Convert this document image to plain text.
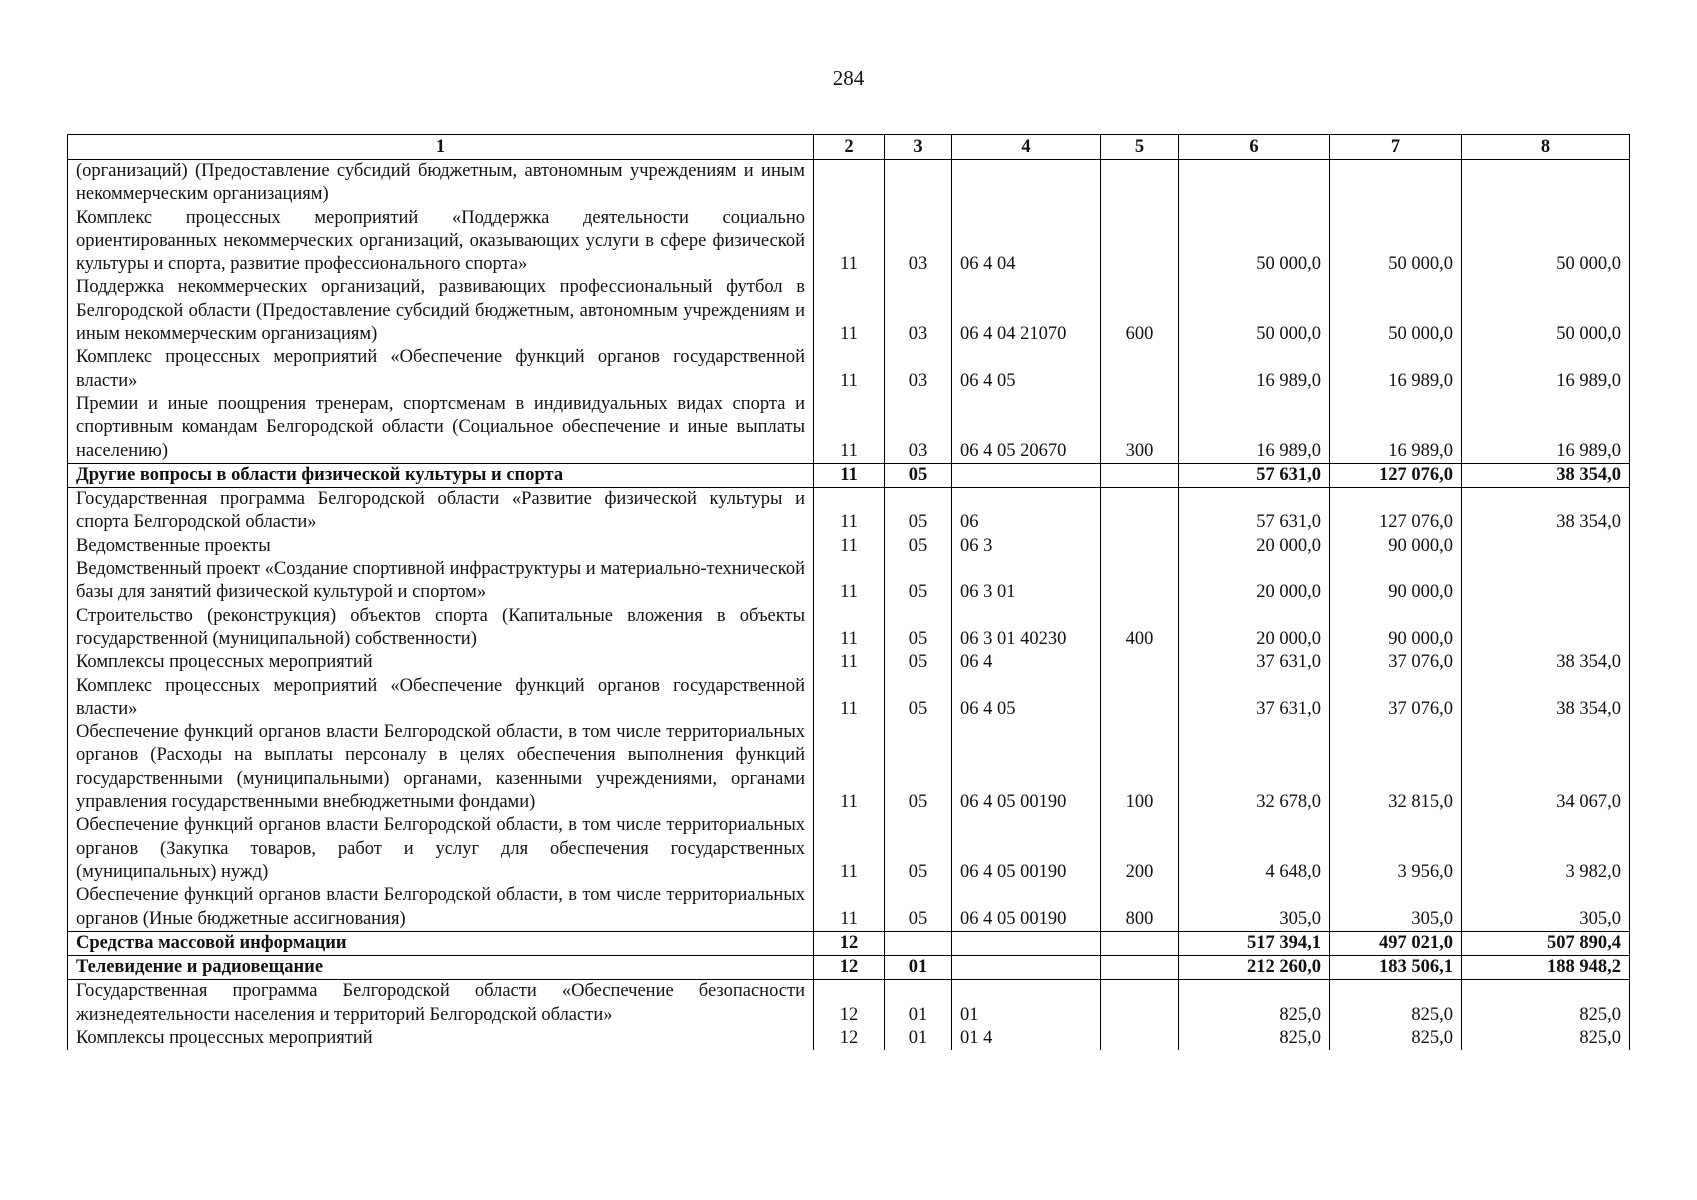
284
1	2	3	4	5	6	7	8
(организаций) (Предоставление субсидий бюджетным, автономным учреждениям и иным некоммерческим организациям)							
Комплекс процессных мероприятий «Поддержка деятельности социально ориентированных некоммерческих организаций, оказывающих услуги в сфере физической культуры и спорта, развитие профессионального спорта»	11	03	06 4 04		50 000,0	50 000,0	50 000,0
Поддержка некоммерческих организаций, развивающих профессиональный футбол в Белгородской области (Предоставление субсидий бюджетным, автономным учреждениям и иным некоммерческим организациям)	11	03	06 4 04 21070	600	50 000,0	50 000,0	50 000,0
Комплекс процессных мероприятий «Обеспечение функций органов государственной власти»	11	03	06 4 05		16 989,0	16 989,0	16 989,0
Премии и иные поощрения тренерам, спортсменам в индивидуальных видах спорта и спортивным командам Белгородской области (Социальное обеспечение и иные выплаты населению)	11	03	06 4 05 20670	300	16 989,0	16 989,0	16 989,0
Другие вопросы в области физической культуры и спорта	11	05			57 631,0	127 076,0	38 354,0
Государственная программа Белгородской области «Развитие физической культуры и спорта Белгородской области»	11	05	06		57 631,0	127 076,0	38 354,0
Ведомственные проекты	11	05	06 3		20 000,0	90 000,0	
Ведомственный проект «Создание спортивной инфраструктуры и материально-технической базы для занятий физической культурой и спортом»	11	05	06 3 01		20 000,0	90 000,0	
Строительство (реконструкция) объектов спорта (Капитальные вложения в объекты государственной (муниципальной) собственности)	11	05	06 3 01 40230	400	20 000,0	90 000,0	
Комплексы процессных мероприятий	11	05	06 4		37 631,0	37 076,0	38 354,0
Комплекс процессных мероприятий «Обеспечение функций органов государственной власти»	11	05	06 4 05		37 631,0	37 076,0	38 354,0
Обеспечение функций органов власти Белгородской области, в том числе территориальных органов (Расходы на выплаты персоналу в целях обеспечения выполнения функций государственными (муниципальными) органами, казенными учреждениями, органами управления государственными внебюджетными фондами)	11	05	06 4 05 00190	100	32 678,0	32 815,0	34 067,0
Обеспечение функций органов власти Белгородской области, в том числе территориальных органов (Закупка товаров, работ и услуг для обеспечения государственных (муниципальных) нужд)	11	05	06 4 05 00190	200	4 648,0	3 956,0	3 982,0
Обеспечение функций органов власти Белгородской области, в том числе территориальных органов (Иные бюджетные ассигнования)	11	05	06 4 05 00190	800	305,0	305,0	305,0
Средства массовой информации	12				517 394,1	497 021,0	507 890,4
Телевидение и радиовещание	12	01			212 260,0	183 506,1	188 948,2
Государственная программа Белгородской области «Обеспечение безопасности жизнедеятельности населения и территорий Белгородской области»	12	01	01		825,0	825,0	825,0
Комплексы процессных мероприятий	12	01	01 4		825,0	825,0	825,0
